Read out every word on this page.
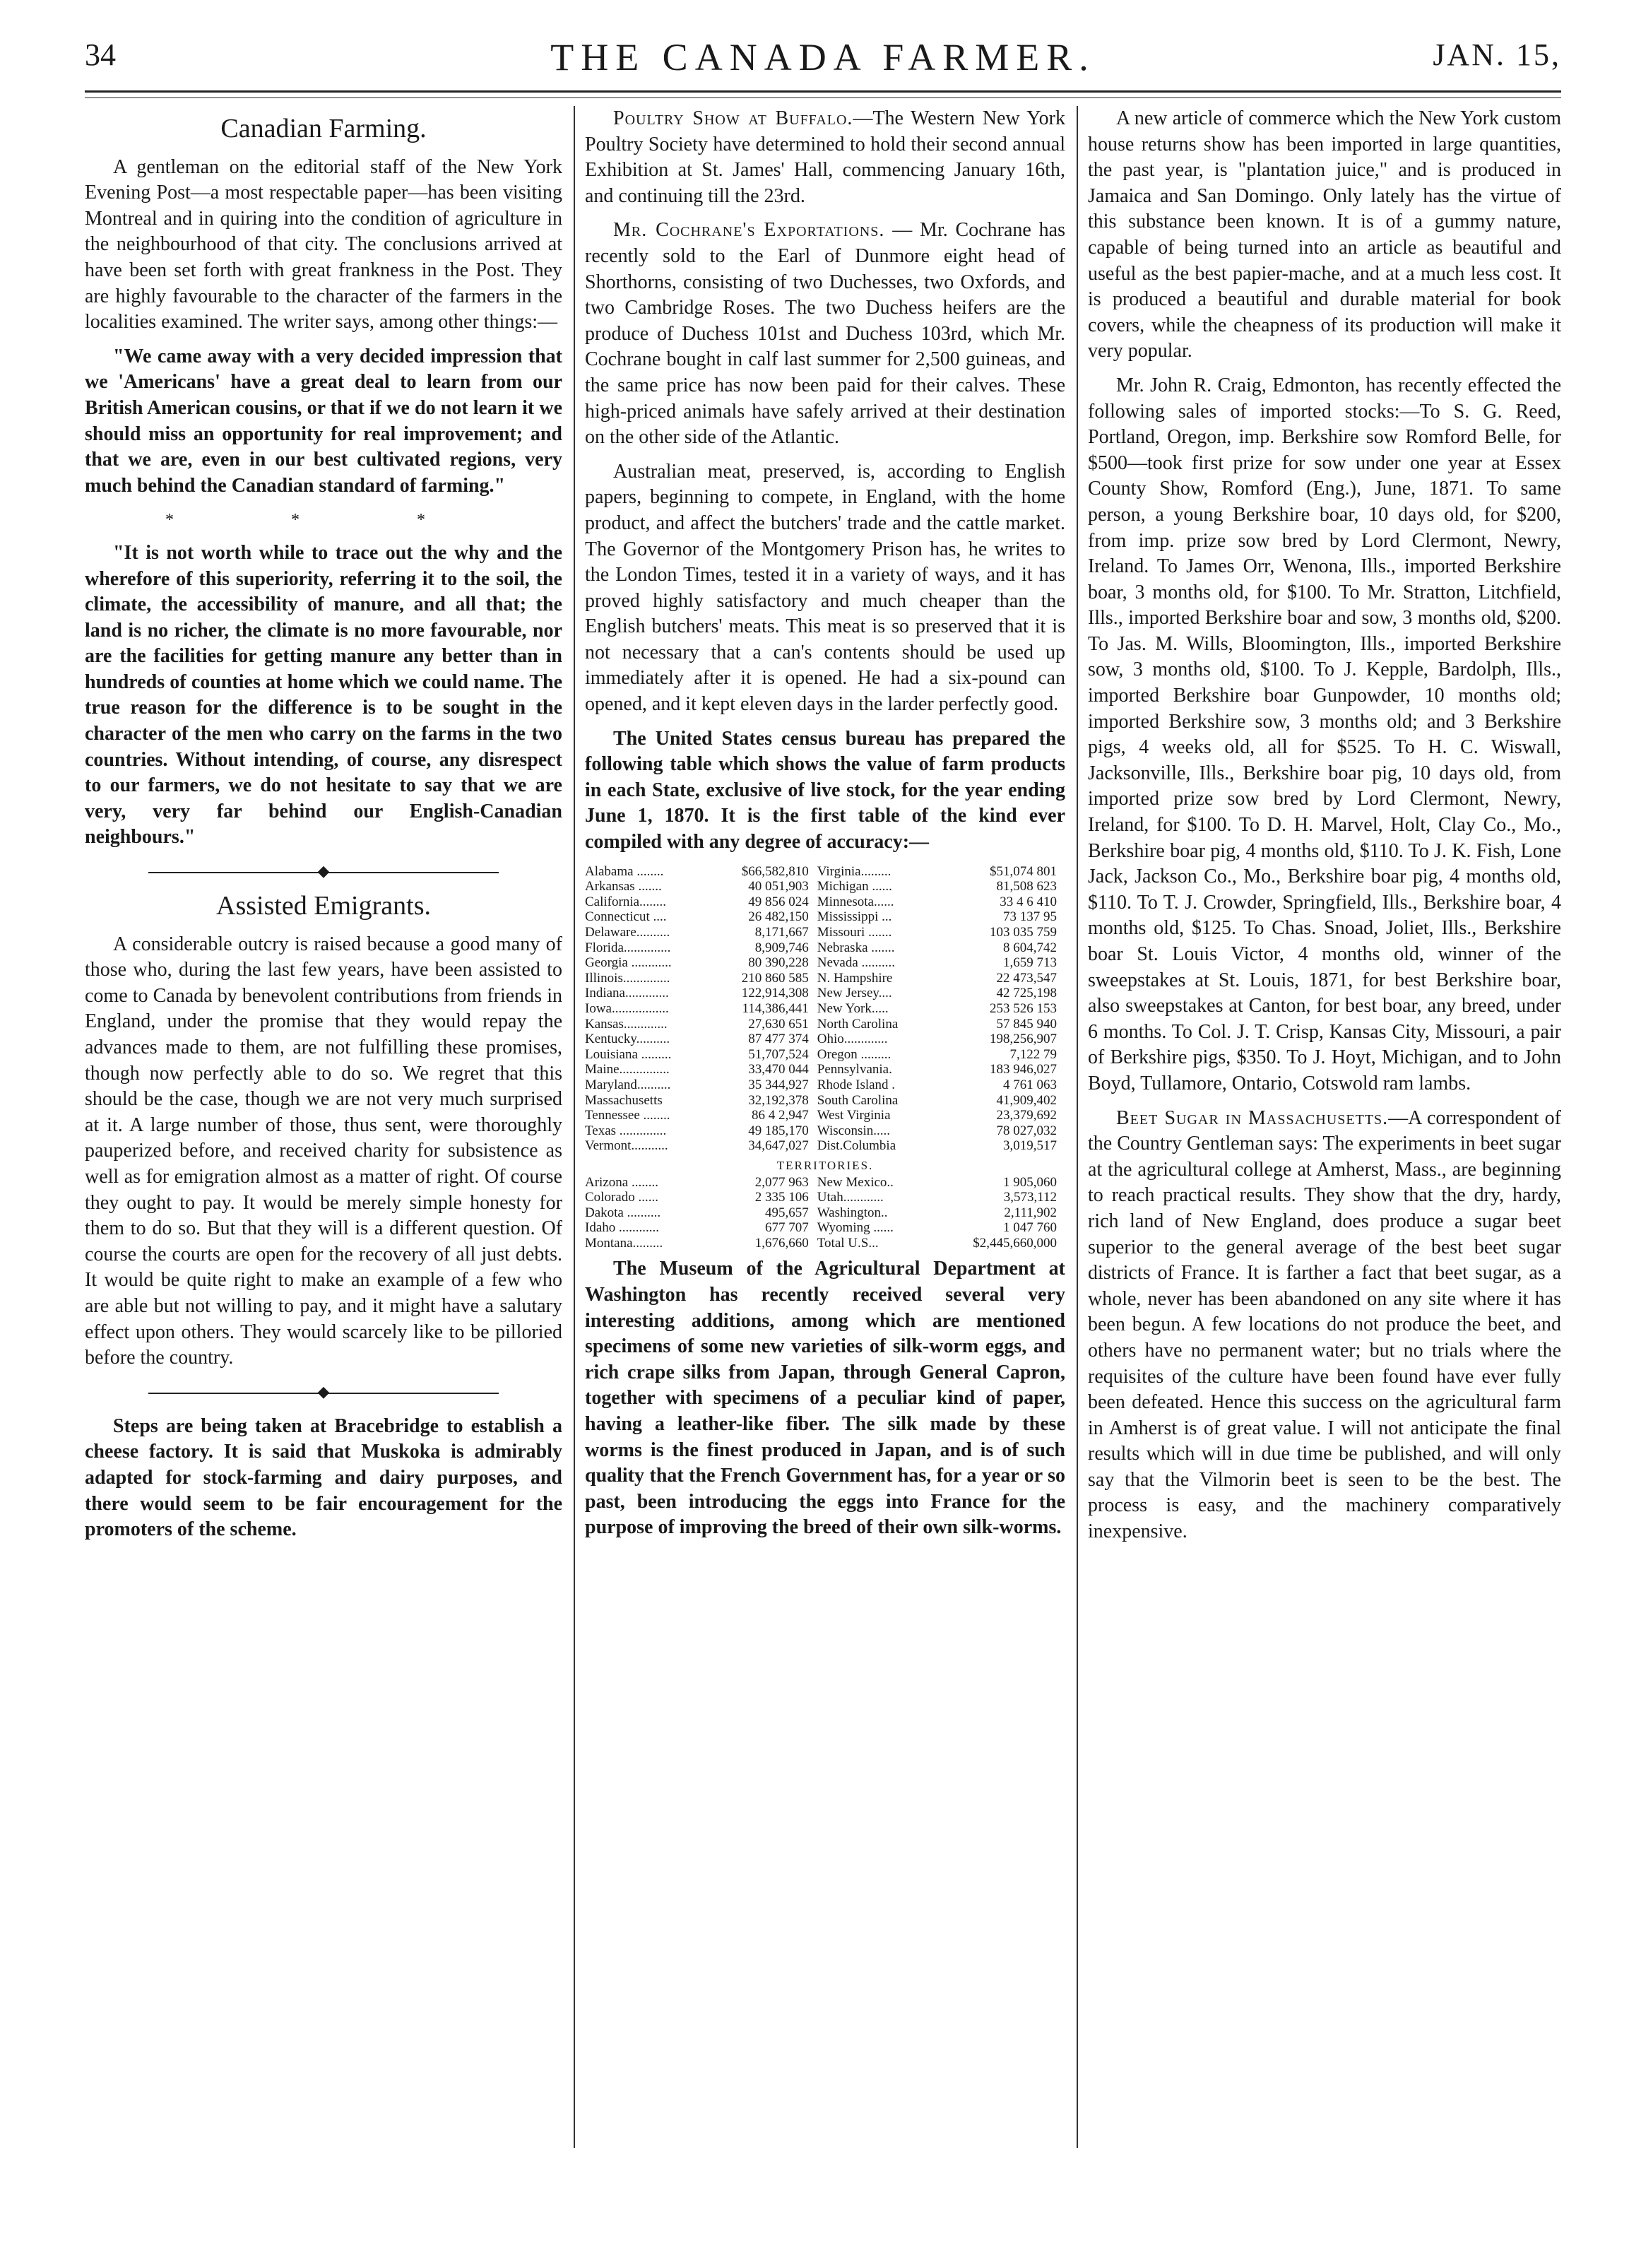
34	THE CANADA FARMER.	JAN. 15,
Canadian Farming.

A gentleman on the editorial staff of the New York Evening Post—a most respectable paper—has been visiting Montreal and in quiring into the condition of agriculture in the neighbourhood of that city. The conclusions arrived at have been set forth with great frankness in the Post. They are highly favourable to the character of the farmers in the localities examined. The writer says, among other things:—

"We came away with a very decided impression that we 'Americans' have a great deal to learn from our British American cousins, or that if we do not learn it we should miss an opportunity for real improvement; and that we are, even in our best cultivated regions, very much behind the Canadian standard of farming."

* * *

"It is not worth while to trace out the why and the wherefore of this superiority, referring it to the soil, the climate, the accessibility of manure, and all that; the land is no richer, the climate is no more favourable, nor are the facilities for getting manure any better than in hundreds of counties at home which we could name. The true reason for the difference is to be sought in the character of the men who carry on the farms in the two countries. Without intending, of course, any disrespect to our farmers, we do not hesitate to say that we are very, very far behind our English-Canadian neighbours."

◆
Assisted Emigrants.

A considerable outcry is raised because a good many of those who, during the last few years, have been assisted to come to Canada by benevolent contributions from friends in England, under the promise that they would repay the advances made to them, are not fulfilling these promises, though now perfectly able to do so. We regret that this should be the case, though we are not very much surprised at it. A large number of those, thus sent, were thoroughly pauperized before, and received charity for subsistence as well as for emigration almost as a matter of right. Of course they ought to pay. It would be merely simple honesty for them to do so. But that they will is a different question. Of course the courts are open for the recovery of all just debts. It would be quite right to make an example of a few who are able but not willing to pay, and it might have a salutary effect upon others. They would scarcely like to be pilloried before the country.

◆

Steps are being taken at Bracebridge to establish a cheese factory. It is said that Muskoka is admirably adapted for stock-farming and dairy purposes, and there would seem to be fair encouragement for the promoters of the scheme.

Poultry Show at Buffalo.—The Western New York Poultry Society have determined to hold their second annual Exhibition at St. James' Hall, commencing January 16th, and continuing till the 23rd.

Mr. Cochrane's Exportations. — Mr. Cochrane has recently sold to the Earl of Dunmore eight head of Shorthorns, consisting of two Duchesses, two Oxfords, and two Cambridge Roses. The two Duchess heifers are the produce of Duchess 101st and Duchess 103rd, which Mr. Cochrane bought in calf last summer for 2,500 guineas, and the same price has now been paid for their calves. These high-priced animals have safely arrived at their destination on the other side of the Atlantic.

Australian meat, preserved, is, according to English papers, beginning to compete, in England, with the home product, and affect the butchers' trade and the cattle market. The Governor of the Montgomery Prison has, he writes to the London Times, tested it in a variety of ways, and it has proved highly satisfactory and much cheaper than the English butchers' meats. This meat is so preserved that it is not necessary that a can's contents should be used up immediately after it is opened. He had a six-pound can opened, and it kept eleven days in the larder perfectly good.

The United States census bureau has prepared the following table which shows the value of farm products in each State, exclusive of live stock, for the year ending June 1, 1870. It is the first table of the kind ever compiled with any degree of accuracy:—

Alabama ........	$66,582,810	Virginia.........	$51,074 801
Arkansas .......	40 051,903	Michigan ......	81,508 623
California........	49 856 024	Minnesota......	33 4 6 410
Connecticut ....	26 482,150	Mississippi ...	73 137 95
Delaware..........	8,171,667	Missouri .......	103 035 759
Florida..............	8,909,746	Nebraska .......	8 604,742
Georgia ............	80 390,228	Nevada ..........	1,659 713
Illinois..............	210 860 585	N. Hampshire	22 473,547
Indiana.............	122,914,308	New Jersey....	42 725,198
Iowa.................	114,386,441	New York.....	253 526 153
Kansas.............	27,630 651	North Carolina	57 845 940
Kentucky..........	87 477 374	Ohio.............	198,256,907
Louisiana .........	51,707,524	Oregon .........	7,122 79
Maine...............	33,470 044	Pennsylvania.	183 946,027
Maryland..........	35 344,927	Rhode Island .	4 761 063
Massachusetts	32,192,378	South Carolina	41,909,402
Tennessee ........	86 4 2,947	West Virginia	23,379,692
Texas ..............	49 185,170	Wisconsin.....	78 027,032
Vermont...........	34,647,027	Dist.Columbia	3,019,517
TERRITORIES.			
Arizona ........	2,077 963	New Mexico..	1 905,060
Colorado ......	2 335 106	Utah............	3,573,112
Dakota ..........	495,657	Washington..	2,111,902
Idaho ............	677 707	Wyoming ......	1 047 760
Montana.........	1,676,660	Total U.S...	$2,445,660,000

The Museum of the Agricultural Department at Washington has recently received several very interesting additions, among which are mentioned specimens of some new varieties of silk-worm eggs, and rich crape silks from Japan, through General Capron, together with specimens of a peculiar kind of paper, having a leather-like fiber. The silk made by these worms is the finest produced in Japan, and is of such quality that the French Government has, for a year or so past, been introducing the eggs into France for the purpose of improving the breed of their own silk-worms.

A new article of commerce which the New York custom house returns show has been imported in large quantities, the past year, is "plantation juice," and is produced in Jamaica and San Domingo. Only lately has the virtue of this substance been known. It is of a gummy nature, capable of being turned into an article as beautiful and useful as the best papier-mache, and at a much less cost. It is produced a beautiful and durable material for book covers, while the cheapness of its production will make it very popular.

Mr. John R. Craig, Edmonton, has recently effected the following sales of imported stocks:—To S. G. Reed, Portland, Oregon, imp. Berkshire sow Romford Belle, for $500—took first prize for sow under one year at Essex County Show, Romford (Eng.), June, 1871. To same person, a young Berkshire boar, 10 days old, for $200, from imp. prize sow bred by Lord Clermont, Newry, Ireland. To James Orr, Wenona, Ills., imported Berkshire boar, 3 months old, for $100. To Mr. Stratton, Litchfield, Ills., imported Berkshire boar and sow, 3 months old, $200. To Jas. M. Wills, Bloomington, Ills., imported Berkshire sow, 3 months old, $100. To J. Kepple, Bardolph, Ills., imported Berkshire boar Gunpowder, 10 months old; imported Berkshire sow, 3 months old; and 3 Berkshire pigs, 4 weeks old, all for $525. To H. C. Wiswall, Jacksonville, Ills., Berkshire boar pig, 10 days old, from imported prize sow bred by Lord Clermont, Newry, Ireland, for $100. To D. H. Marvel, Holt, Clay Co., Mo., Berkshire boar pig, 4 months old, $110. To J. K. Fish, Lone Jack, Jackson Co., Mo., Berkshire boar pig, 4 months old, $110. To T. J. Crowder, Springfield, Ills., Berkshire boar, 4 months old, $125. To Chas. Snoad, Joliet, Ills., Berkshire boar St. Louis Victor, 4 months old, winner of the sweepstakes at St. Louis, 1871, for best Berkshire boar, also sweepstakes at Canton, for best boar, any breed, under 6 months. To Col. J. T. Crisp, Kansas City, Missouri, a pair of Berkshire pigs, $350. To J. Hoyt, Michigan, and to John Boyd, Tullamore, Ontario, Cotswold ram lambs.

Beet Sugar in Massachusetts.—A correspondent of the Country Gentleman says: The experiments in beet sugar at the agricultural college at Amherst, Mass., are beginning to reach practical results. They show that the dry, hardy, rich land of New England, does produce a sugar beet superior to the general average of the best beet sugar districts of France. It is farther a fact that beet sugar, as a whole, never has been abandoned on any site where it has been begun. A few locations do not produce the beet, and others have no permanent water; but no trials where the requisites of the culture have been found have ever fully been defeated. Hence this success on the agricultural farm in Amherst is of great value. I will not anticipate the final results which will in due time be published, and will only say that the Vilmorin beet is seen to be the best. The process is easy, and the machinery comparatively inexpensive.
